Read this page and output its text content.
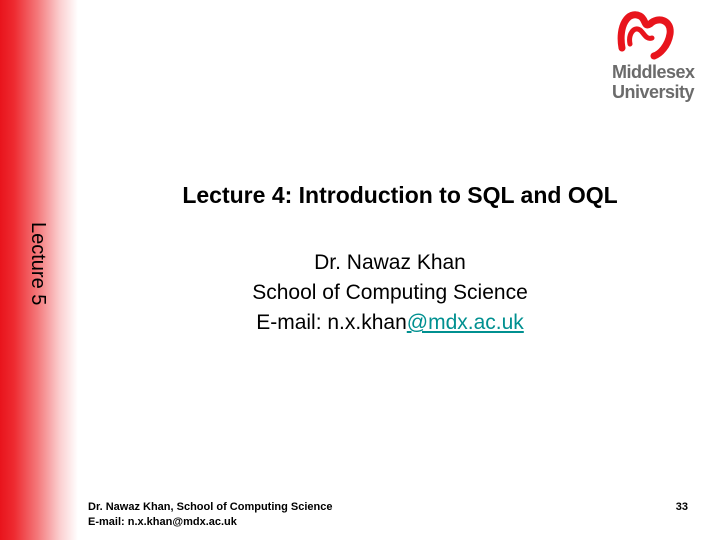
Lecture 5
Middlesex
University
Lecture 4: Introduction to SQL and OQL
Dr. Nawaz Khan
School of Computing Science
E-mail: n.x.khan@mdx.ac.uk
Dr. Nawaz Khan, School of Computing Science
E-mail: n.x.khan@mdx.ac.uk
33
